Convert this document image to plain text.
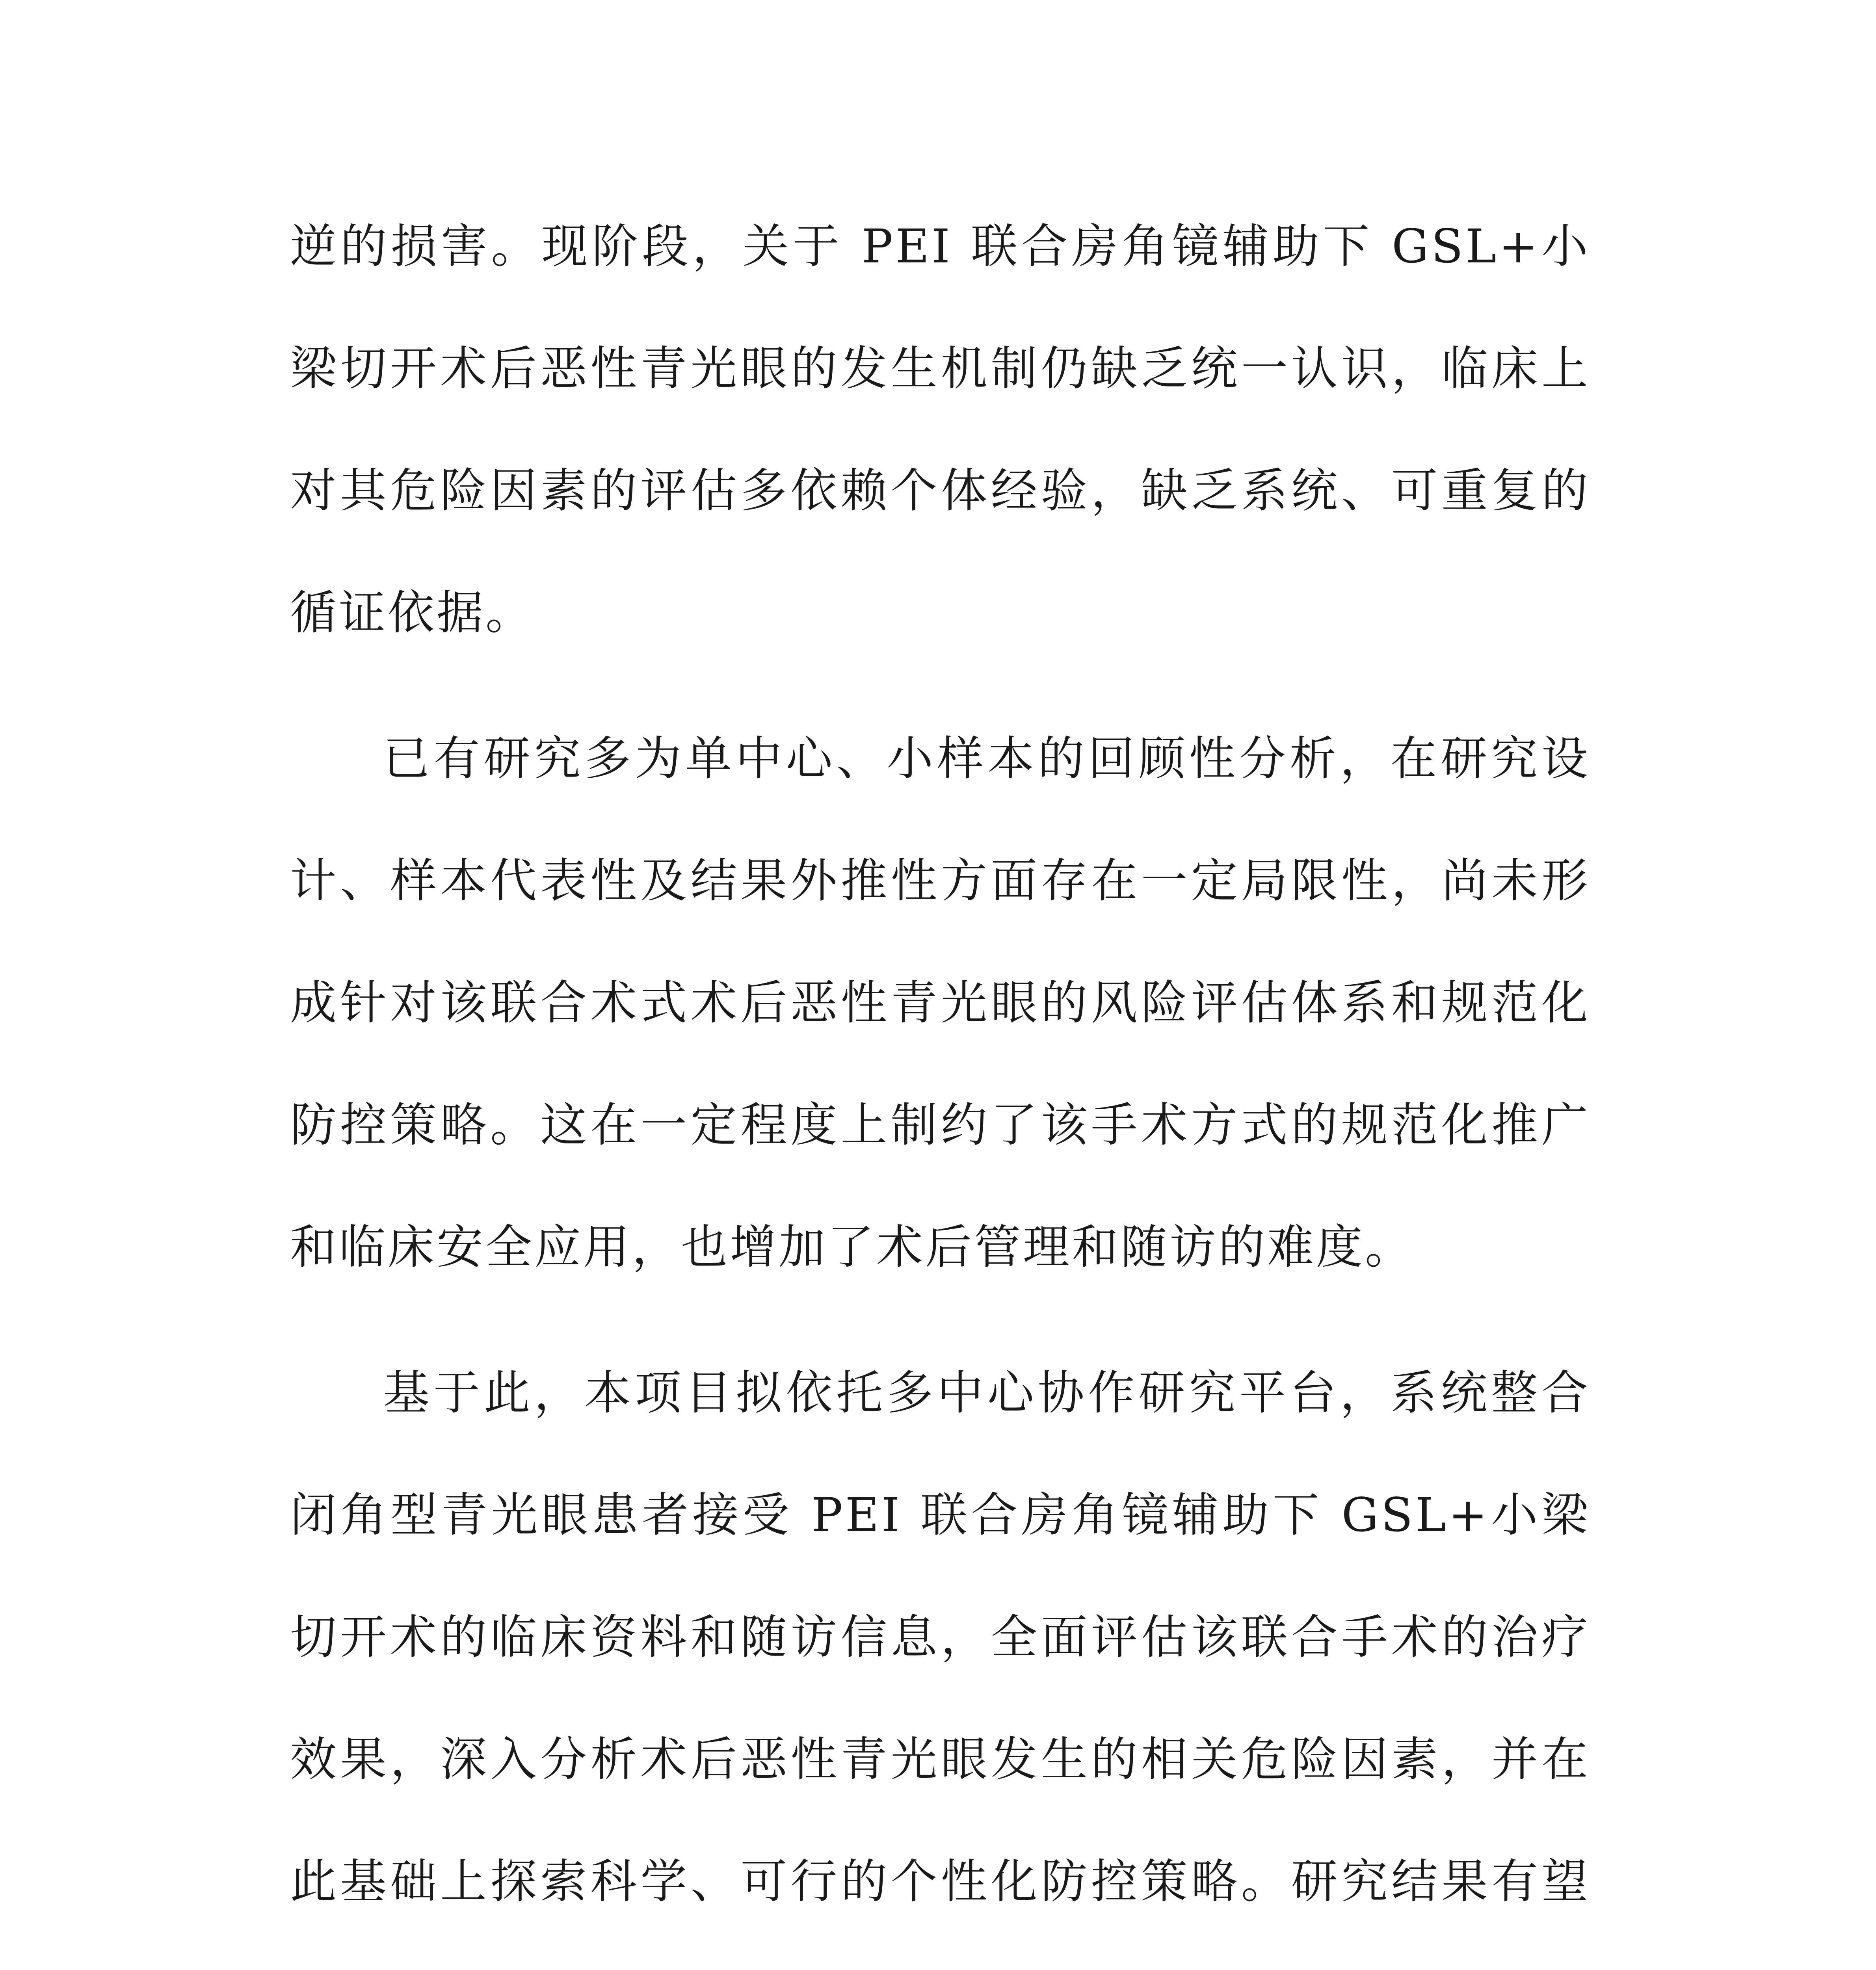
逆的损害。现阶段，关于 PEI 联合房角镜辅助下 GSL+小梁切开术后恶性青光眼的发生机制仍缺乏统一认识，临床上对其危险因素的评估多依赖个体经验，缺乏系统、可重复的循证依据。

已有研究多为单中心、小样本的回顾性分析，在研究设计、样本代表性及结果外推性方面存在一定局限性，尚未形成针对该联合术式术后恶性青光眼的风险评估体系和规范化防控策略。这在一定程度上制约了该手术方式的规范化推广和临床安全应用，也增加了术后管理和随访的难度。

基于此，本项目拟依托多中心协作研究平台，系统整合闭角型青光眼患者接受 PEI 联合房角镜辅助下 GSL+小梁切开术的临床资料和随访信息，全面评估该联合手术的治疗效果，深入分析术后恶性青光眼发生的相关危险因素，并在此基础上探索科学、可行的个性化防控策略。研究结果有望
